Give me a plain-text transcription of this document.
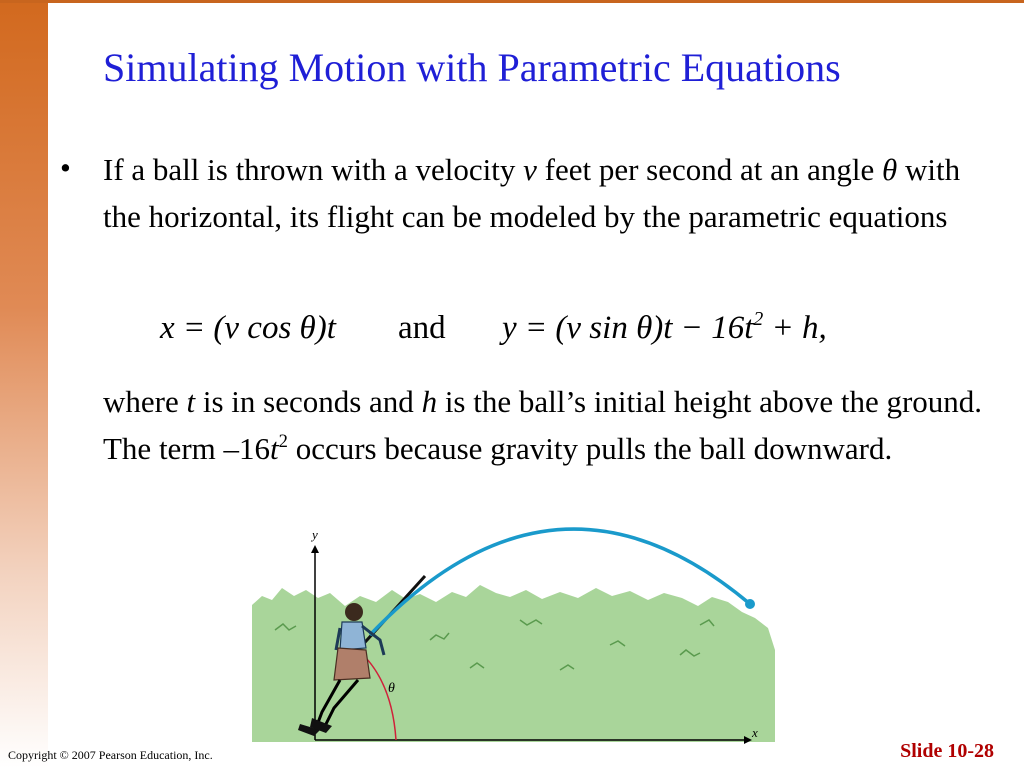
Simulating Motion with Parametric Equations
• If a ball is thrown with a velocity v feet per second at an angle θ with the horizontal, its flight can be modeled by the parametric equations
x = (v cos θ)t and y = (v $\sin \theta)t - 16t^2 + h$,
where t is in seconds and h is the ball’s initial height above the ground. The term $-16t^2$ occurs because gravity pulls the ball downward.
y
x
θ
Copyright © 2007 Pearson Education, Inc.	Slide 10-28
